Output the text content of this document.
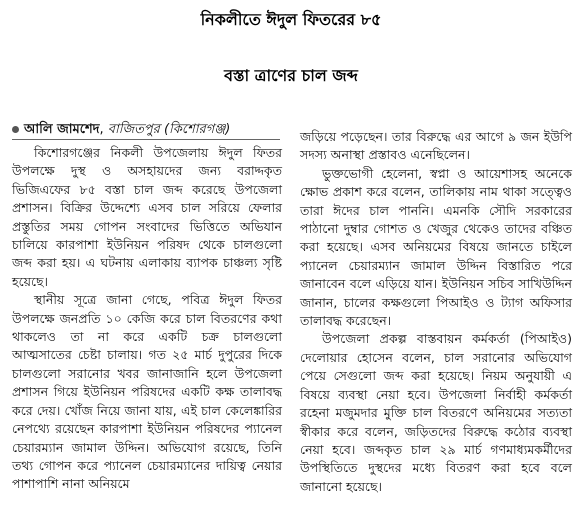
নিকলীতে ঈদুল ফিতরের ৮৫
বস্তা ত্রাণের চাল জব্দ
আলি জামশেদ, বাজিতপুর (কিশোরগঞ্জ)

কিশোরগঞ্জের নিকলী উপজেলায় ঈদুল ফিতর উপলক্ষে দুস্থ ও অসহায়দের জন্য বরাদ্দকৃত ভিজিএফের ৮৫ বস্তা চাল জব্দ করেছে উপজেলা প্রশাসন। বিক্রির উদ্দেশ্যে এসব চাল সরিয়ে ফেলার প্রস্তুতির সময় গোপন সংবাদের ভিত্তিতে অভিযান চালিয়ে কারপাশা ইউনিয়ন পরিষদ থেকে চালগুলো জব্দ করা হয়। এ ঘটনায় এলাকায় ব্যাপক চাঞ্চল্য সৃষ্টি হয়েছে।

স্থানীয় সূত্রে জানা গেছে, পবিত্র ঈদুল ফিতর উপলক্ষে জনপ্রতি ১০ কেজি করে চাল বিতরণের কথা থাকলেও তা না করে একটি চক্র চালগুলো আত্মসাতের চেষ্টা চালায়। গত ২৫ মার্চ দুপুরের দিকে চালগুলো সরানোর খবর জানাজানি হলে উপজেলা প্রশাসন গিয়ে ইউনিয়ন পরিষদের একটি কক্ষ তালাবদ্ধ করে দেয়। খোঁজ নিয়ে জানা যায়, এই চাল কেলেঙ্কারির নেপথ্যে রয়েছেন কারপাশা ইউনিয়ন পরিষদের প্যানেল চেয়ারম্যান জামাল উদ্দিন। অভিযোগ রয়েছে, তিনি তথ্য গোপন করে প্যানেল চেয়ারম্যানের দায়িত্ব নেয়ার পাশাপাশি নানা অনিয়মে

জড়িয়ে পড়েছেন। তার বিরুদ্ধে এর আগে ৯ জন ইউপি সদস্য অনাস্থা প্রস্তাবও এনেছিলেন।

ভুক্তভোগী হেলেনা, স্বপ্না ও আয়েশাসহ অনেকে ক্ষোভ প্রকাশ করে বলেন, তালিকায় নাম থাকা সত্ত্বেও তারা ঈদের চাল পাননি। এমনকি সৌদি সরকারের পাঠানো দুম্বার গোশত ও খেজুর থেকেও তাদের বঞ্চিত করা হয়েছে। এসব অনিয়মের বিষয়ে জানতে চাইলে প্যানেল চেয়ারম্যান জামাল উদ্দিন বিস্তারিত পরে জানাবেন বলে এড়িয়ে যান। ইউনিয়ন সচিব সাখিউদ্দিন জানান, চালের কক্ষগুলো পিআইও ও ট্যাগ অফিসার তালাবদ্ধ করেছেন।

উপজেলা প্রকল্প বাস্তবায়ন কর্মকর্তা (পিআইও) দেলোয়ার হোসেন বলেন, চাল সরানোর অভিযোগ পেয়ে সেগুলো জব্দ করা হয়েছে। নিয়ম অনুযায়ী এ বিষয়ে ব্যবস্থা নেয়া হবে। উপজেলা নির্বাহী কর্মকর্তা রহেনা মজুমদার মুক্তি চাল বিতরণে অনিয়মের সত্যতা স্বীকার করে বলেন, জড়িতদের বিরুদ্ধে কঠোর ব্যবস্থা নেয়া হবে। জব্দকৃত চাল ২৯ মার্চ গণমাধ্যমকর্মীদের উপস্থিতিতে দুস্থদের মধ্যে বিতরণ করা হবে বলে জানানো হয়েছে।
